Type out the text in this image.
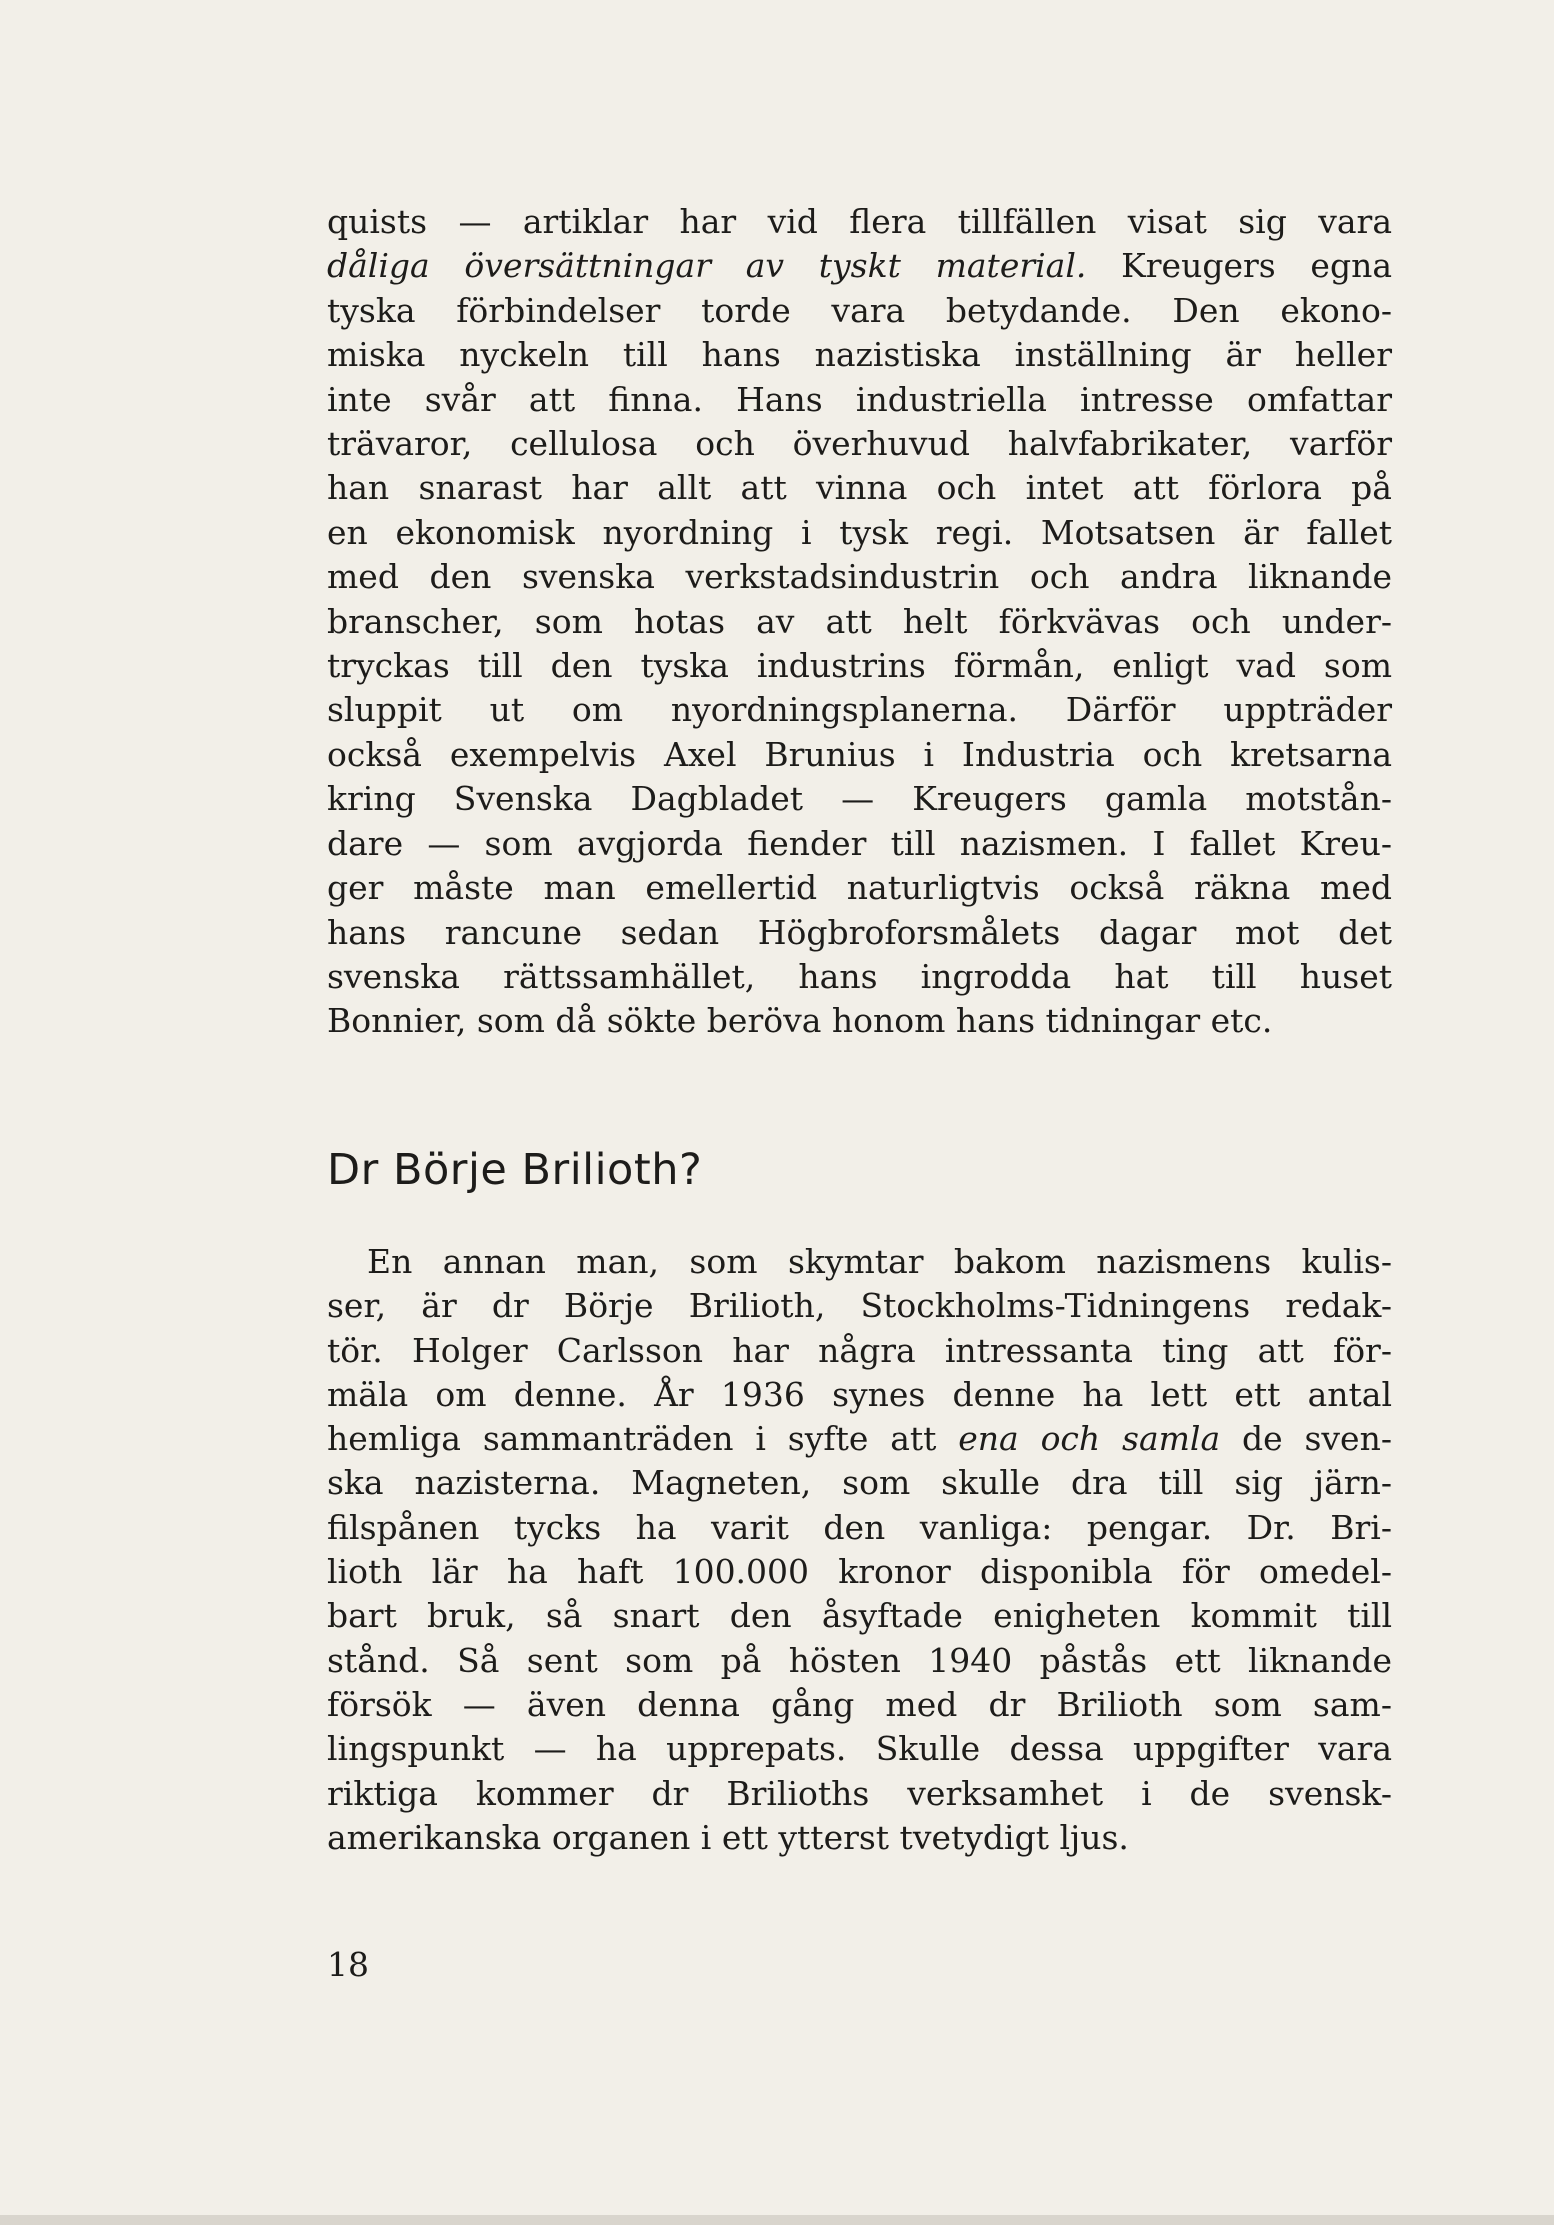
quists — artiklar har vid flera tillfällen visat sig vara
dåliga översättningar av tyskt material. Kreugers egna
tyska förbindelser torde vara betydande. Den ekono-
miska nyckeln till hans nazistiska inställning är heller
inte svår att finna. Hans industriella intresse omfattar
trävaror, cellulosa och överhuvud halvfabrikater, varför
han snarast har allt att vinna och intet att förlora på
en ekonomisk nyordning i tysk regi. Motsatsen är fallet
med den svenska verkstadsindustrin och andra liknande
branscher, som hotas av att helt förkvävas och under-
tryckas till den tyska industrins förmån, enligt vad som
sluppit ut om nyordningsplanerna. Därför uppträder
också exempelvis Axel Brunius i Industria och kretsarna
kring Svenska Dagbladet — Kreugers gamla motstån-
dare — som avgjorda fiender till nazismen. I fallet Kreu-
ger måste man emellertid naturligtvis också räkna med
hans rancune sedan Högbroforsmålets dagar mot det
svenska rättssamhället, hans ingrodda hat till huset
Bonnier, som då sökte beröva honom hans tidningar etc.
Dr Börje Brilioth?
En annan man, som skymtar bakom nazismens kulis-
ser, är dr Börje Brilioth, Stockholms-Tidningens redak-
tör. Holger Carlsson har några intressanta ting att för-
mäla om denne. År 1936 synes denne ha lett ett antal
hemliga sammanträden i syfte att ena och samla de sven-
ska nazisterna. Magneten, som skulle dra till sig järn-
filspånen tycks ha varit den vanliga: pengar. Dr. Bri-
lioth lär ha haft 100.000 kronor disponibla för omedel-
bart bruk, så snart den åsyftade enigheten kommit till
stånd. Så sent som på hösten 1940 påstås ett liknande
försök — även denna gång med dr Brilioth som sam-
lingspunkt — ha upprepats. Skulle dessa uppgifter vara
riktiga kommer dr Brilioths verksamhet i de svensk-
amerikanska organen i ett ytterst tvetydigt ljus.
18
